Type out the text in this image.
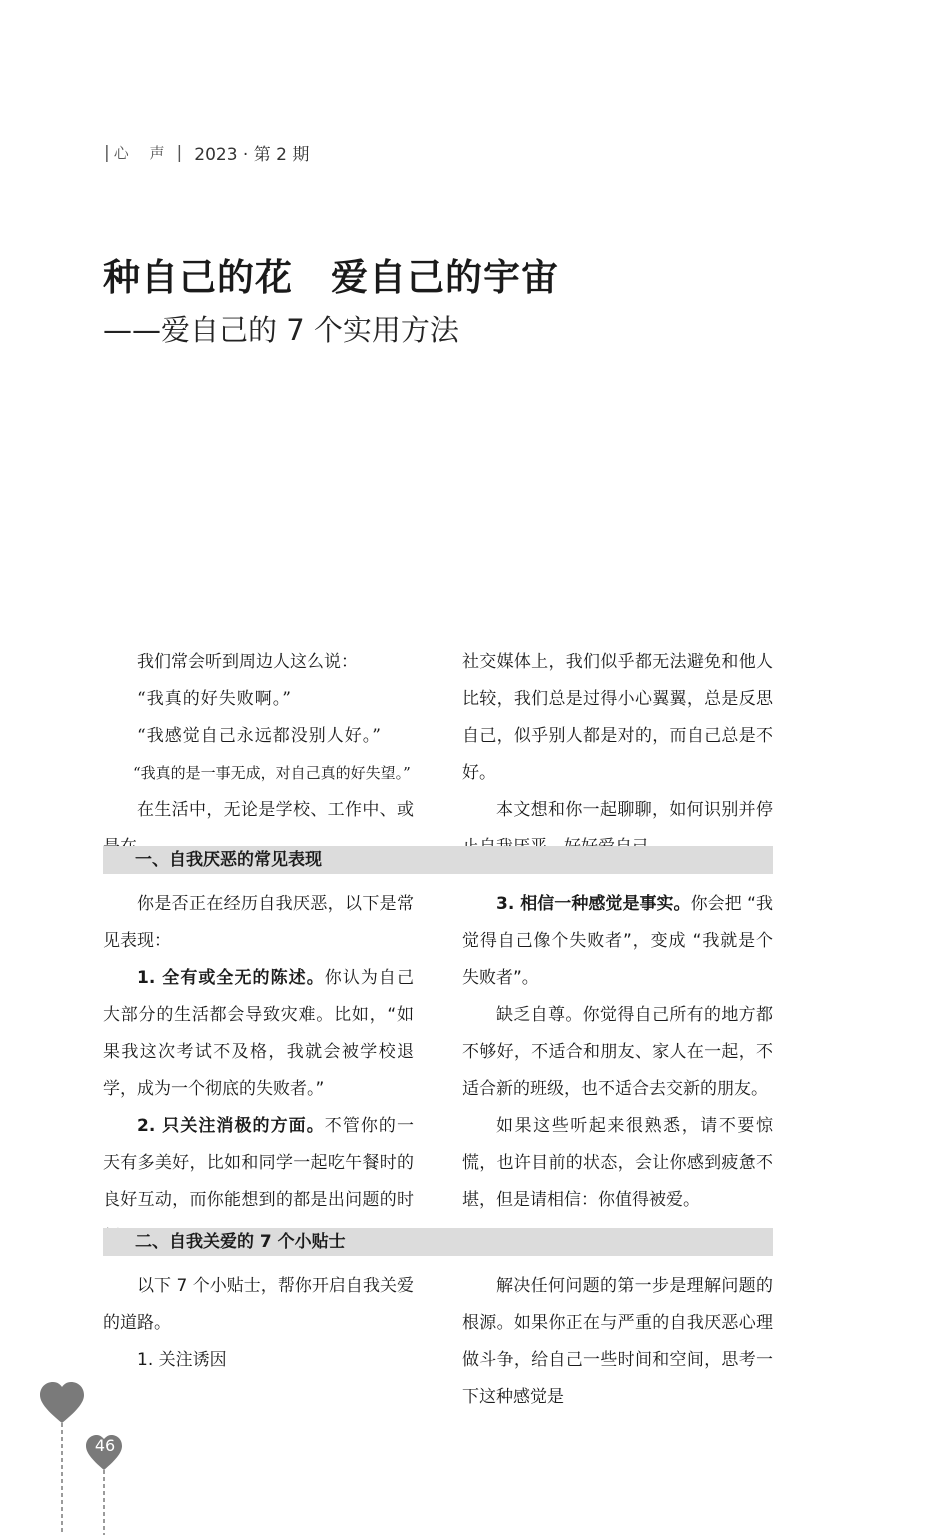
| 心 声 | 2023 · 第 2 期
种自己的花　爱自己的宇宙
——爱自己的 7 个实用方法

我们常会听到周边人这么说：

“我真的好失败啊。”

“我感觉自己永远都没别人好。”

“我真的是一事无成，对自己真的好失望。”

在生活中，无论是学校、工作中、或

社交媒体上，我们似乎都无法避免和他人比较，我们总是过得小心翼翼，总是反思自己，似乎别人都是对的，而自己总是不好。

本文想和你一起聊聊，如何识别并停

一、自我厌恶的常见表现

你是否正在经历自我厌恶，以下是常见表现：

1. 全有或全无的陈述。你认为自己大部分的生活都会导致灾难。比如，“如果我这次考试不及格，我就会被学校退学，成为一个彻底的失败者。”

2. 只关注消极的方面。不管你的一天有多美好，比如和同学一起吃午餐时的良好互动，而你能想到的都是出问题的时

3. 相信一种感觉是事实。你会把 “我觉得自己像个失败者”，变成 “我就是个失败者”。

缺乏自尊。你觉得自己所有的地方都不够好，不适合和朋友、家人在一起，不适合新的班级，也不适合去交新的朋友。

如果这些听起来很熟悉，请不要惊慌，也许目前的状态，会让你感到疲惫不堪，但是请相信：你值得被爱。

二、自我关爱的 7 个小贴士

以下 7 个小贴士，帮你开启自我关爱的道路。

1. 关注诱因

解决任何问题的第一步是理解问题的根源。如果你正在与严重的自我厌恶心理做斗争，给自己一些时间和空间，思考一下这种感觉是

46
